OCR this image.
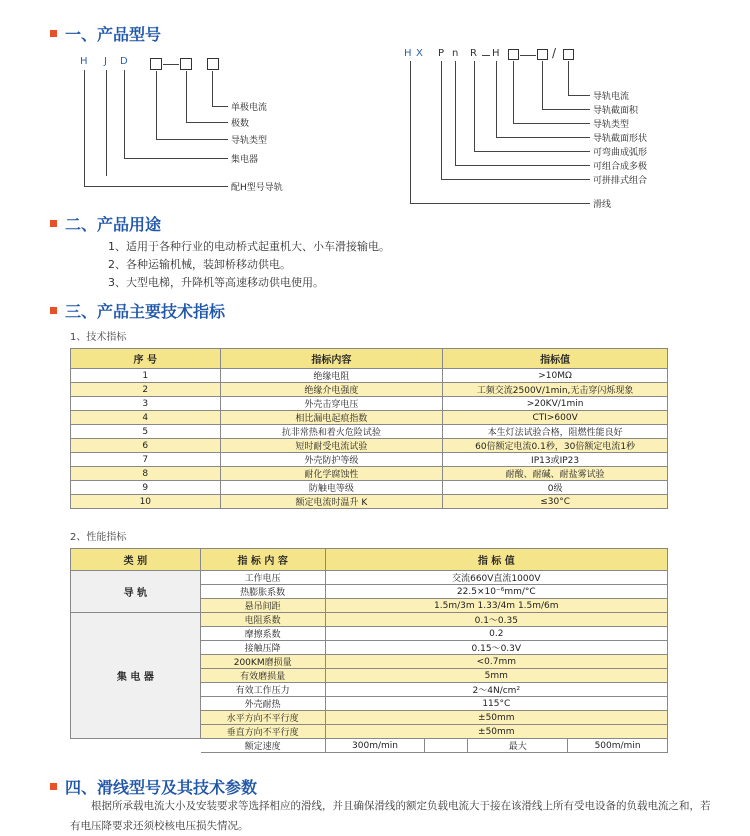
一、产品型号
H J D
单极电流
极数
导轨类型
集电器
配H型号导轨
H X P n R H	/
导轨电流
导轨截面积
导轨类型
导轨截面形状
可弯曲成弧形
可组合成多极
可拼排式组合
滑线
二、产品用途
1、适用于各种行业的电动桥式起重机大、小车滑接输电。
2、各种运输机械，装卸桥移动供电。
3、大型电梯，升降机等高速移动供电使用。
三、产品主要技术指标
1、技术指标
序 号	指标内容	指标值
1	绝缘电阻	>10MΩ
2	绝缘介电强度	工频交流2500V/1min,无击穿闪烁现象
3	外壳击穿电压	>20KV/1min
4	相比漏电起痕指数	CTI>600V
5	抗非常热和着火危险试验	本生灯法试验合格，阻燃性能良好
6	短时耐受电流试验	60倍额定电流0.1秒，30倍额定电流1秒
7	外壳防护等级	IP13或IP23
8	耐化学腐蚀性	耐酸、耐碱、耐盐雾试验
9	防触电等级	0级
10	额定电流时温升 K	≤30°C
2、性能指标
类 别	指 标 内 容	指 标 值			
导 轨	工作电压	交流660V直流1000V			
	热膨胀系数	22.5×10⁻⁶mm/°C			
	悬吊间距	1.5m/3m 1.33/4m 1.5m/6m			
集 电 器	电阻系数	0.1～0.35			
	摩擦系数	0.2			
	接触压降	0.15～0.3V			
	200KM磨损量	<0.7mm			
	有效磨损量	5mm			
	有效工作压力	2～4N/cm²			
	外壳耐热	115°C			
	水平方向不平行度	±50mm			
	垂直方向不平行度	±50mm			
	额定速度	300m/min		最大	500m/min
四、滑线型号及其技术参数
根据所承载电流大小及安装要求等选择相应的滑线，并且确保滑线的额定负载电流大于接在该滑线上所有受电设备的负载电流之和，若有电压降要求还须校核电压损失情况。
